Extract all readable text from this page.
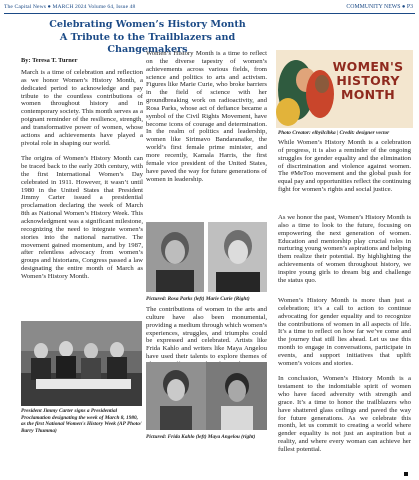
The Capital News ● MARCH 2024 Volume 64, Issue 48	COMMUNITY NEWS ● P3
Celebrating Women’s History Month
A Tribute to the Trailblazers and Changemakers
By: Teresa T. Turner

March is a time of celebration and reflection as we honor Women’s History Month, a dedicated period to acknowledge and pay tribute to the countless contributions of women throughout history and in contemporary society. This month serves as a poignant reminder of the resilience, strength, and transformative power of women, whose actions and achievements have played a pivotal role in shaping our world.

The origins of Women’s History Month can be traced back to the early 20th century, with the first International Women’s Day celebrated in 1911. However, it wasn’t until 1980 in the United States that President Jimmy Carter issued a presidential proclamation declaring the week of March 8th as National Women’s History Week. This acknowledgment was a significant milestone, recognizing the need to integrate women’s stories into the national narrative. The movement gained momentum, and by 1987, after relentless advocacy from women’s groups and historians, Congress passed a law designating the entire month of March as Women’s History Month.

President Jimmy Carter signs a Presidential Proclamation designating the week of March 8, 1980, as the first National Women's History Week (AP Photo/ Barry Thumma)

Women’s History Month is a time to reflect on the diverse tapestry of women’s achievements across various fields, from science and politics to arts and activism. Figures like Marie Curie, who broke barriers in the field of science with her groundbreaking work on radioactivity, and Rosa Parks, whose act of defiance became a symbol of the Civil Rights Movement, have become icons of courage and determination. In the realm of politics and leadership, women like Sirimavo Bandaranaike, the world’s first female prime minister, and more recently, Kamala Harris, the first female vice president of the United States, have paved the way for future generations of women in leadership.

Pictured: Rosa Parks (left) Marie Curie (Right)

The contributions of women in the arts and culture have also been monumental, providing a medium through which women’s experiences, struggles, and triumphs could be expressed and celebrated. Artists like Frida Kahlo and writers like Maya Angelou have used their talents to explore themes of

Pictured: Frida Kahlo (left) Maya Angelou (right)
WOMEN'S
HISTORY
MONTH
Photo Creator: elbyilcibka | Credit: designer vector

While Women’s History Month is a celebration of progress, it is also a reminder of the ongoing struggles for gender equality and the elimination of discrimination and violence against women. The #MeToo movement and the global push for equal pay and opportunities reflect the continuing fight for women’s rights and social justice.

As we honor the past, Women’s History Month is also a time to look to the future, focusing on empowering the next generation of women. Education and mentorship play crucial roles in nurturing young women’s aspirations and helping them realize their potential. By highlighting the achievements of women throughout history, we inspire young girls to dream big and challenge the status quo.

Women’s History Month is more than just a celebration; it’s a call to action to continue advocating for gender equality and to recognize the contributions of women in all aspects of life. It’s a time to reflect on how far we’ve come and the journey that still lies ahead. Let us use this month to engage in conversations, participate in events, and support initiatives that uplift women’s voices and stories.

In conclusion, Women’s History Month is a testament to the indomitable spirit of women who have faced adversity with strength and grace. It’s a time to honor the trailblazers who have shattered glass ceilings and paved the way for future generations. As we celebrate this month, let us commit to creating a world where gender equality is not just an aspiration but a reality, and where every woman can achieve her fullest potential.
